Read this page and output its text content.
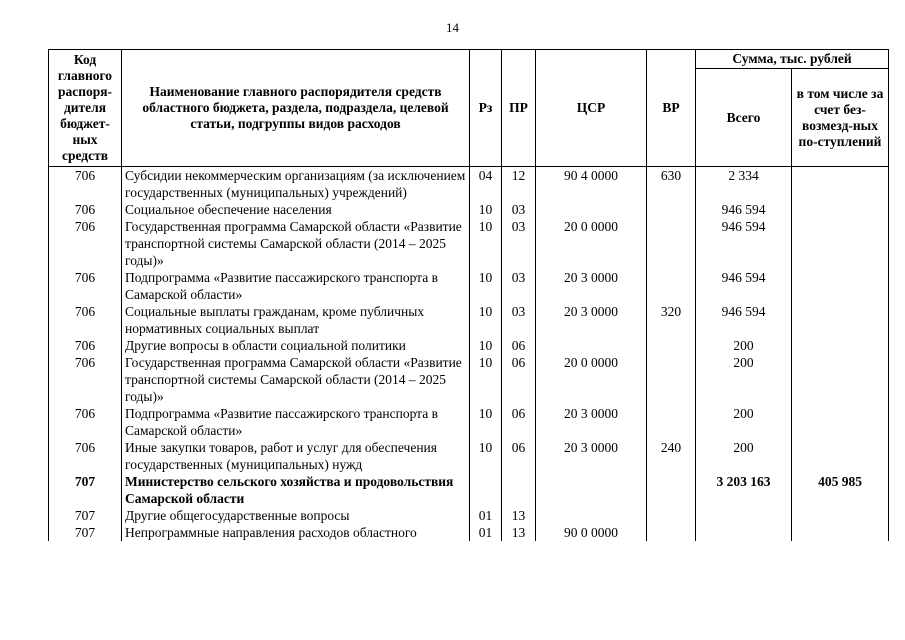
14
Код главного распоря-дителя бюджет-ных средств	Наименование главного распорядителя средств областного бюджета, раздела, подраздела, целевой статьи, подгруппы видов расходов	Рз	ПР	ЦСР	ВР	Сумма, тыс. рублей	
						Всего	в том числе за счет без-возмезд-ных по-ступлений
706	Субсидии некоммерческим организациям (за исключением государственных (муниципальных) учреждений)	04	12	90 4 0000	630	2 334	
706	Социальное обеспечение населения	10	03			946 594	
706	Государственная программа Самарской области «Развитие транспортной системы Самарской области (2014 – 2025 годы)»	10	03	20 0 0000		946 594	
706	Подпрограмма «Развитие пассажирского транспорта в Самарской области»	10	03	20 3 0000		946 594	
706	Социальные выплаты гражданам, кроме публичных нормативных социальных выплат	10	03	20 3 0000	320	946 594	
706	Другие вопросы в области социальной политики	10	06			200	
706	Государственная программа Самарской области «Развитие транспортной системы Самарской области (2014 – 2025 годы)»	10	06	20 0 0000		200	
706	Подпрограмма «Развитие пассажирского транспорта в Самарской области»	10	06	20 3 0000		200	
706	Иные закупки товаров, работ и услуг для обеспечения государственных (муниципальных) нужд	10	06	20 3 0000	240	200	
707	Министерство сельского хозяйства и продовольствия Самарской области					3 203 163	405 985
707	Другие общегосударственные вопросы	01	13				
707	Непрограммные направления расходов областного	01	13	90 0 0000			
